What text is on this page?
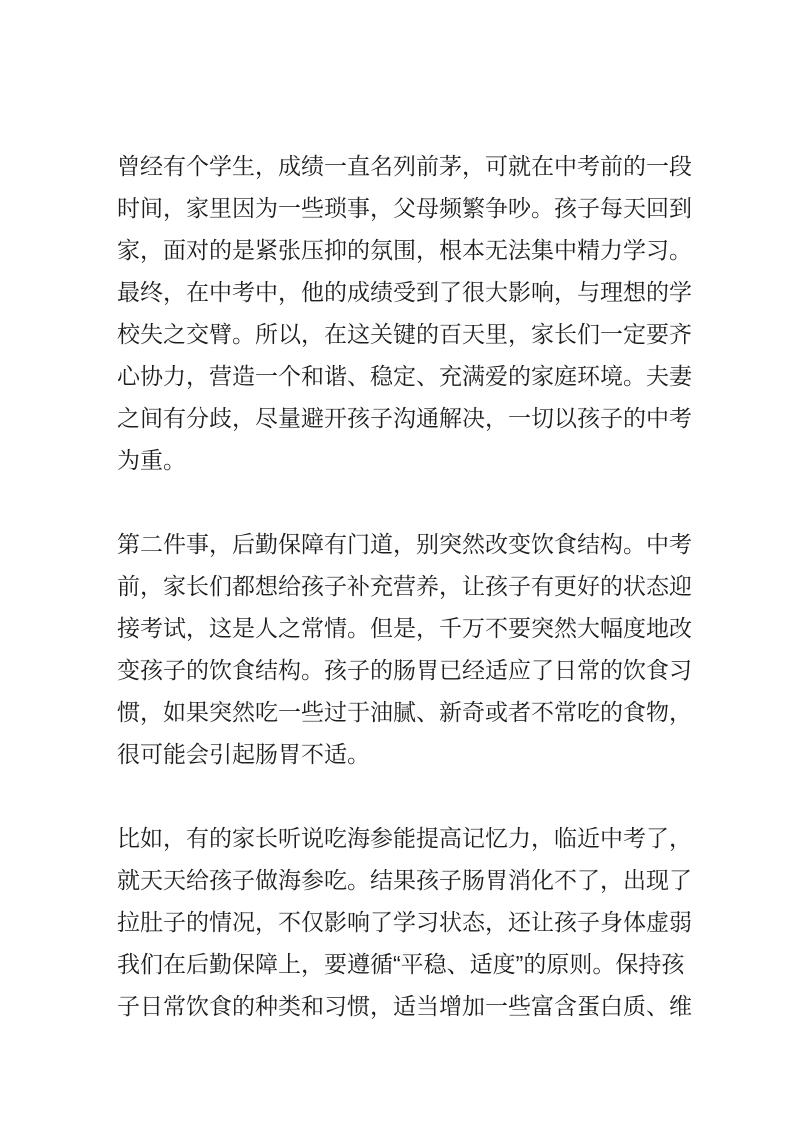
曾经有个学生，成绩一直名列前茅，可就在中考前的一段
时间，家里因为一些琐事，父母频繁争吵。孩子每天回到
家，面对的是紧张压抑的氛围，根本无法集中精力学习。
最终，在中考中，他的成绩受到了很大影响，与理想的学
校失之交臂。所以，在这关键的百天里，家长们一定要齐
心协力，营造一个和谐、稳定、充满爱的家庭环境。夫妻
之间有分歧，尽量避开孩子沟通解决，一切以孩子的中考
为重。
第二件事，后勤保障有门道，别突然改变饮食结构。中考
前，家长们都想给孩子补充营养，让孩子有更好的状态迎
接考试，这是人之常情。但是，千万不要突然大幅度地改
变孩子的饮食结构。孩子的肠胃已经适应了日常的饮食习
惯，如果突然吃一些过于油腻、新奇或者不常吃的食物，
很可能会引起肠胃不适。
比如，有的家长听说吃海参能提高记忆力，临近中考了，
就天天给孩子做海参吃。结果孩子肠胃消化不了，出现了
拉肚子的情况，不仅影响了学习状态，还让孩子身体虚弱
我们在后勤保障上，要遵循“平稳、适度”的原则。保持孩
子日常饮食的种类和习惯，适当增加一些富含蛋白质、维
